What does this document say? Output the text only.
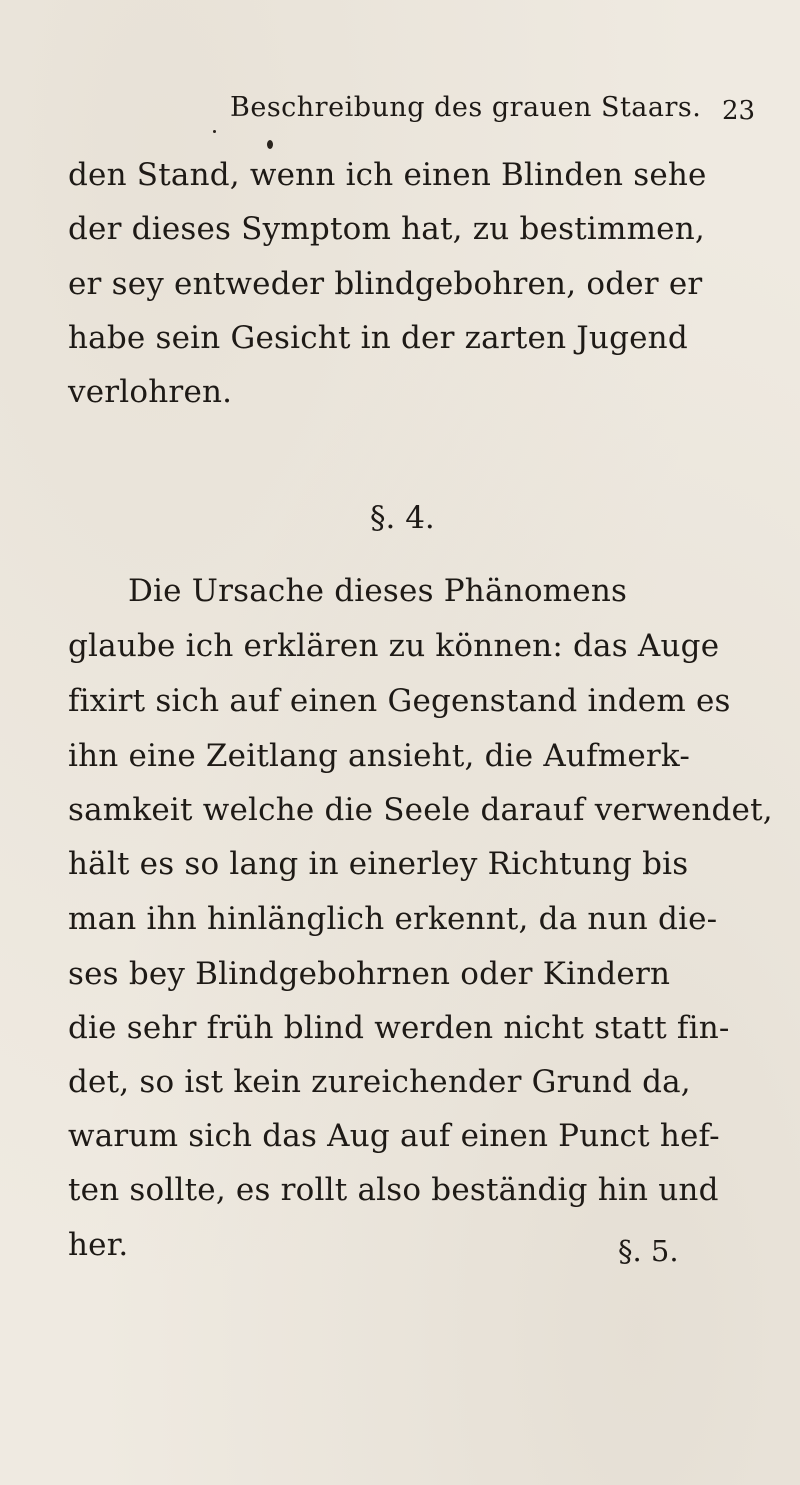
Beschreibung des grauen Staars. 23
den Stand, wenn ich einen Blinden sehe
der dieses Symptom hat, zu bestimmen,
er sey entweder blindgebohren, oder er
habe sein Gesicht in der zarten Jugend
verlohren.
§. 4.
Die Ursache dieses Phänomens
glaube ich erklären zu können: das Auge
fixirt sich auf einen Gegenstand indem es
ihn eine Zeitlang ansieht, die Aufmerk-
samkeit welche die Seele darauf verwendet,
hält es so lang in einerley Richtung bis
man ihn hinlänglich erkennt, da nun die-
ses bey Blindgebohrnen oder Kindern
die sehr früh blind werden nicht statt fin-
det, so ist kein zureichender Grund da,
warum sich das Aug auf einen Punct hef-
ten sollte, es rollt also beständig hin und
her.	§. 5.
